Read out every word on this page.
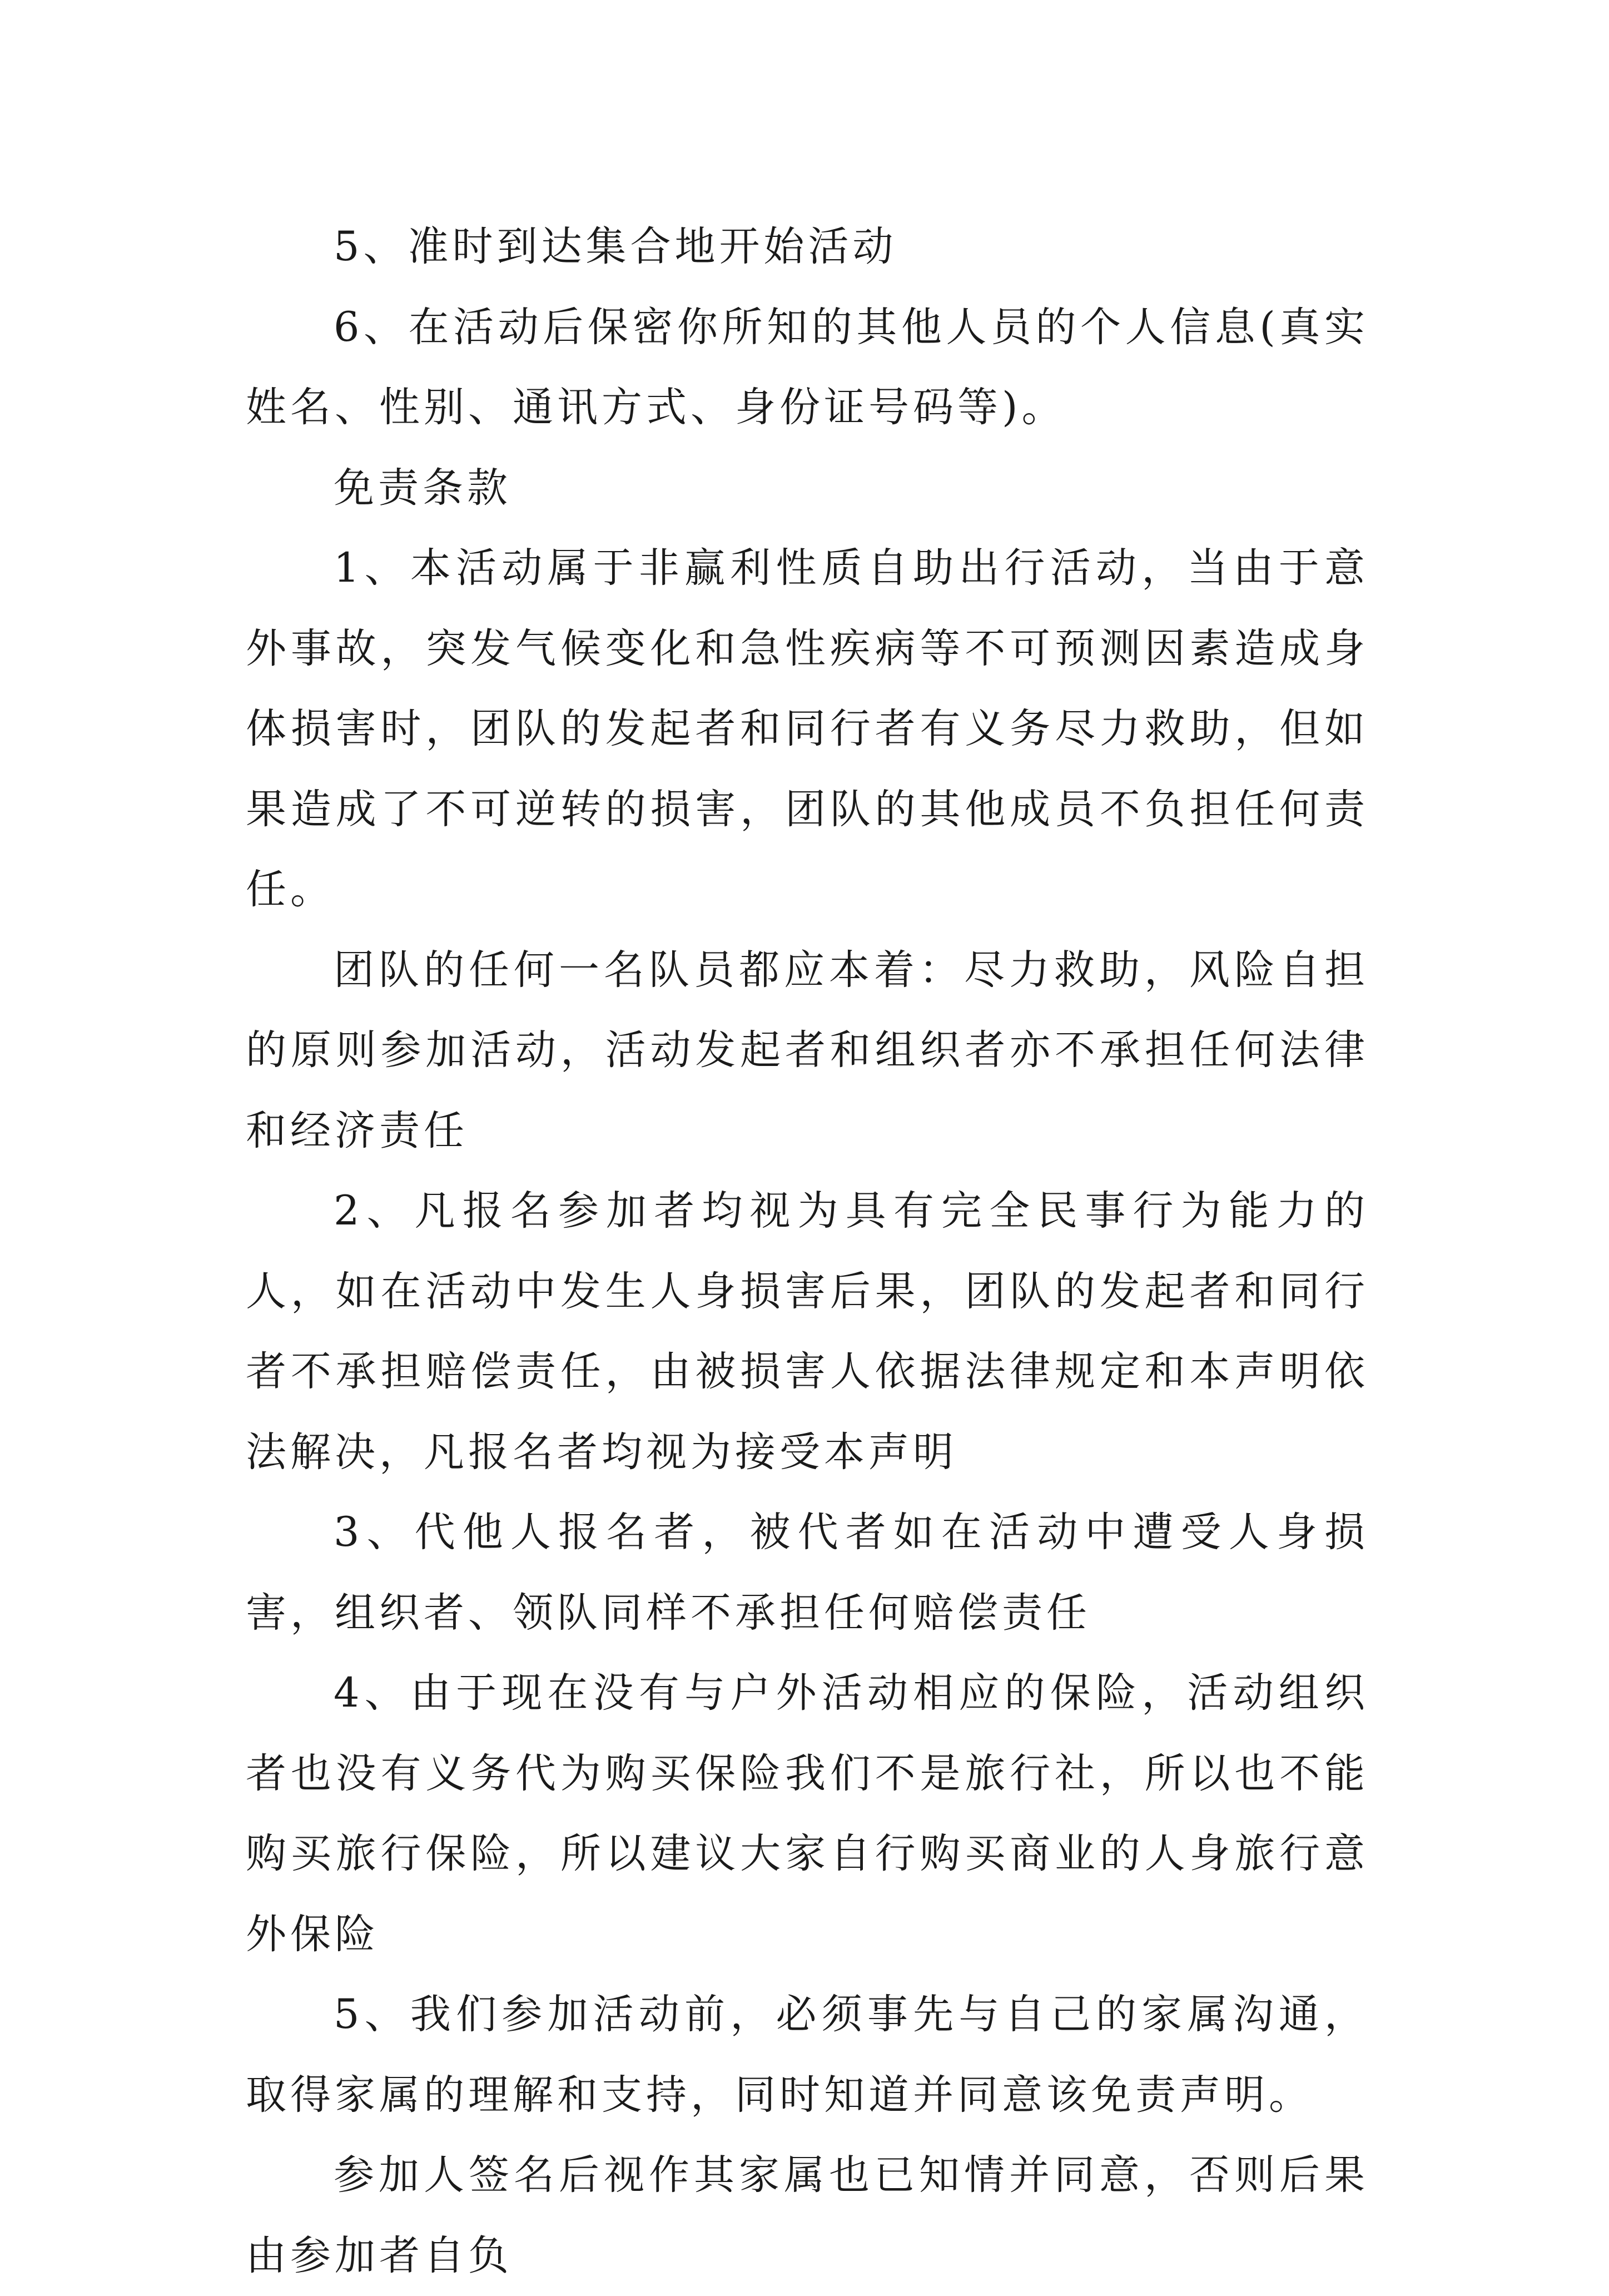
5、准时到达集合地开始活动

6、在活动后保密你所知的其他人员的个人信息(真实姓名、性别、通讯方式、身份证号码等)。

免责条款

1、本活动属于非赢利性质自助出行活动，当由于意外事故，突发气候变化和急性疾病等不可预测因素造成身体损害时，团队的发起者和同行者有义务尽力救助，但如果造成了不可逆转的损害，团队的其他成员不负担任何责任。

团队的任何一名队员都应本着：尽力救助，风险自担的原则参加活动，活动发起者和组织者亦不承担任何法律和经济责任

2、凡报名参加者均视为具有完全民事行为能力的人，如在活动中发生人身损害后果，团队的发起者和同行者不承担赔偿责任，由被损害人依据法律规定和本声明依法解决，凡报名者均视为接受本声明

3、代他人报名者，被代者如在活动中遭受人身损害，组织者、领队同样不承担任何赔偿责任

4、由于现在没有与户外活动相应的保险，活动组织者也没有义务代为购买保险我们不是旅行社，所以也不能购买旅行保险，所以建议大家自行购买商业的人身旅行意外保险

5、我们参加活动前，必须事先与自己的家属沟通，取得家属的理解和支持，同时知道并同意该免责声明。

参加人签名后视作其家属也已知情并同意，否则后果由参加者自负
